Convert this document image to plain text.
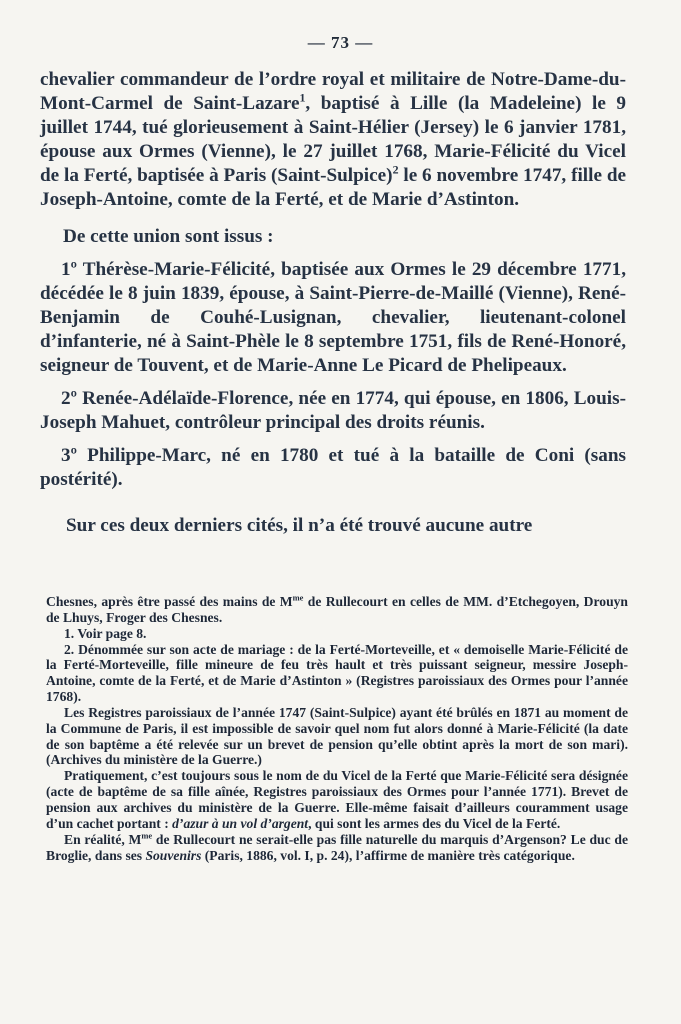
— 73 —

chevalier commandeur de l’ordre royal et militaire de Notre-Dame-du-Mont-Carmel de Saint-Lazare$^1$, baptisé à Lille (la Madeleine) le 9 juillet 1744, tué glorieusement à Saint-Hélier (Jersey) le 6 janvier 1781, épouse aux Ormes (Vienne), le 27 juillet 1768, Marie-Félicité du Vicel de la Ferté, baptisée à Paris (Saint-Sulpice)$^2$ le 6 novembre 1747, fille de Joseph-Antoine, comte de la Ferté, et de Marie d’Astinton.

De cette union sont issus :

1º Thérèse-Marie-Félicité, baptisée aux Ormes le 29 décembre 1771, décédée le 8 juin 1839, épouse, à Saint-Pierre-de-Maillé (Vienne), René-Benjamin de Couhé-Lusignan, chevalier, lieutenant-colonel d’infanterie, né à Saint-Phèle le 8 septembre 1751, fils de René-Honoré, seigneur de Touvent, et de Marie-Anne Le Picard de Phelipeaux.

2º Renée-Adélaïde-Florence, née en 1774, qui épouse, en 1806, Louis-Joseph Mahuet, contrôleur principal des droits réunis.

3º Philippe-Marc, né en 1780 et tué à la bataille de Coni (sans postérité).

Sur ces deux derniers cités, il n’a été trouvé aucune autre

Chesnes, après être passé des mains de $M^{me}$ de Rullecourt en celles de MM. d’Etchegoyen, Drouyn de Lhuys, Froger des Chesnes.

1. Voir page 8.

2. Dénommée sur son acte de mariage : de la Ferté-Morteveille, et « demoiselle Marie-Félicité de la Ferté-Morteveille, fille mineure de feu très hault et très puissant seigneur, messire Joseph-Antoine, comte de la Ferté, et de Marie d’Astinton » (Registres paroissiaux des Ormes pour l’année 1768).

Les Registres paroissiaux de l’année 1747 (Saint-Sulpice) ayant été brûlés en 1871 au moment de la Commune de Paris, il est impossible de savoir quel nom fut alors donné à Marie-Félicité (la date de son baptême a été relevée sur un brevet de pension qu’elle obtint après la mort de son mari). (Archives du ministère de la Guerre.)

Pratiquement, c’est toujours sous le nom de du Vicel de la Ferté que Marie-Félicité sera désignée (acte de baptême de sa fille aînée, Registres paroissiaux des Ormes pour l’année 1771). Brevet de pension aux archives du ministère de la Guerre. Elle-même faisait d’ailleurs couramment usage d’un cachet portant : d’azur à un vol d’argent, qui sont les armes des du Vicel de la Ferté.

En réalité, $M^{me}$ de Rullecourt ne serait-elle pas fille naturelle du marquis d’Argenson? Le duc de Broglie, dans ses Souvenirs (Paris, 1886, vol. I, p. 24), l’affirme de manière très catégorique.
